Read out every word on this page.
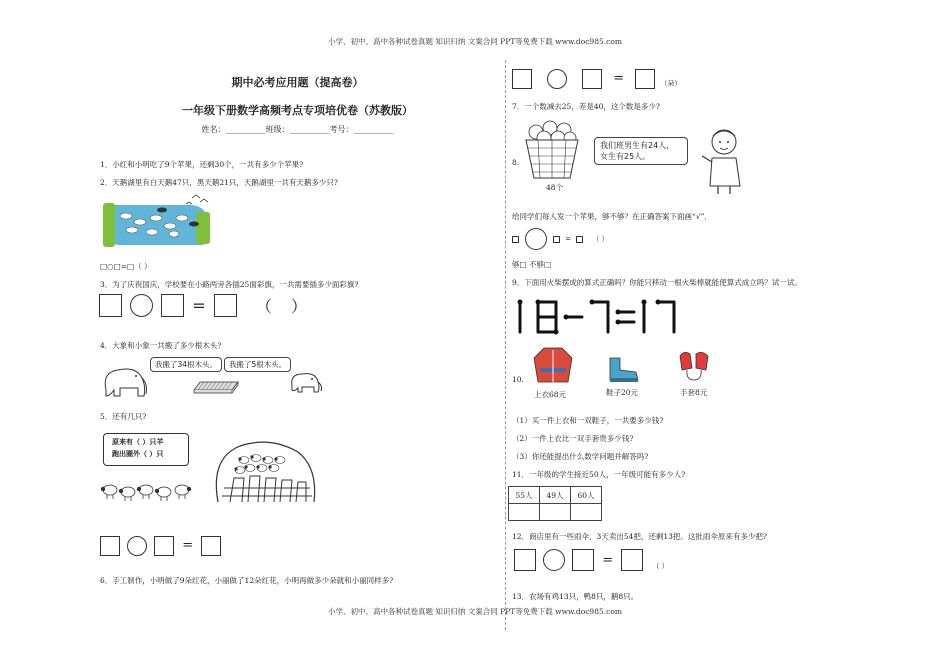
小学、初中、高中各种试卷真题 知识归纳 文案合同 PPT等免费下载 www.doc985.com
期中必考应用题（提高卷）
一年级下册数学高频考点专项培优卷（苏教版）
姓名：__________班级：__________考号：__________
1．小红和小明吃了9个苹果，还剩30个，一共有多少个苹果?
2．天鹅湖里有白天鹅47只，黑天鹅21只，天鹅湖里一共有天鹅多少只?
□○□=□（ ）
3．为了庆祝国庆，学校要在小路两旁各插25面彩旗，一共需要插多少面彩旗?
=	（ ）
4．大象和小象一共搬了多少根木头?
我搬了34根木头。	我搬了5根木头。
5．还有几只?
原来有（ ）只羊
跑出圈外（ ）只
=
6．手工制作，小明做了9朵红花，小丽做了12朵红花，小明再做多少朵就和小丽同样多?
=	（朵）
7．一个数减去25，差是40，这个数是多少?
8.
48个
我们班男生有24人，女生有25人。
给同学们每人发一个苹果，够不够？在正确答案下面画“√”．
=	（ ）
够□ 不够□
9．下面用火柴摆成的算式正确吗？你能只移动一根火柴棒就能使算式成立吗？试一试。
10.
上衣68元	鞋子20元	手套8元
（1）买一件上衣和一双鞋子，一共要多少钱?
（2）一件上衣比一双手套贵多少钱?
（3）你还能提出什么数学问题并解答吗?
11．一年级的学生接近50人，一年级可能有多少人?
55人	49人	60人

12．商店里有一些雨伞，3天卖出54把，还剩13把。这批雨伞原来有多少把?
=	（ ）
13．农场有鸡13只，鸭8只，鹅8只。
小学、初中、高中各种试卷真题 知识归纳 文案合同 PPT等免费下载 www.doc985.com
